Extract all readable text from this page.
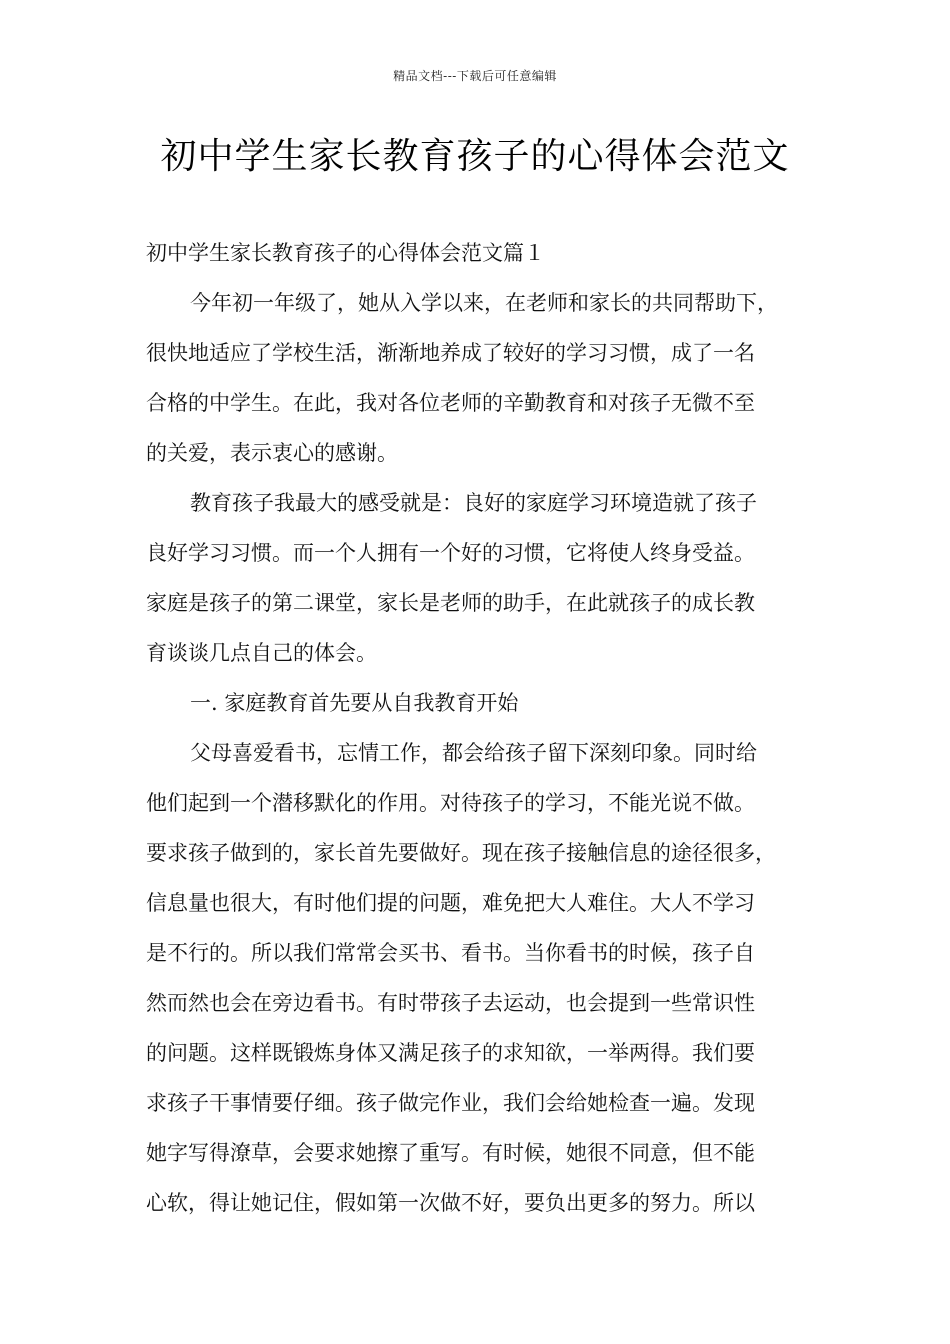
精品文档---下载后可任意编辑
初中学生家长教育孩子的心得体会范文
初中学生家长教育孩子的心得体会范文篇１
今年初一年级了，她从入学以来，在老师和家长的共同帮助下，
很快地适应了学校生活，渐渐地养成了较好的学习习惯，成了一名
合格的中学生。在此，我对各位老师的辛勤教育和对孩子无微不至
的关爱，表示衷心的感谢。
教育孩子我最大的感受就是：良好的家庭学习环境造就了孩子
良好学习习惯。而一个人拥有一个好的习惯，它将使人终身受益。
家庭是孩子的第二课堂，家长是老师的助手，在此就孩子的成长教
育谈谈几点自己的体会。
一. 家庭教育首先要从自我教育开始
父母喜爱看书，忘情工作，都会给孩子留下深刻印象。同时给
他们起到一个潜移默化的作用。对待孩子的学习，不能光说不做。
要求孩子做到的，家长首先要做好。现在孩子接触信息的途径很多，
信息量也很大，有时他们提的问题，难免把大人难住。大人不学习
是不行的。所以我们常常会买书、看书。当你看书的时候，孩子自
然而然也会在旁边看书。有时带孩子去运动，也会提到一些常识性
的问题。这样既锻炼身体又满足孩子的求知欲，一举两得。我们要
求孩子干事情要仔细。孩子做完作业，我们会给她检查一遍。发现
她字写得潦草，会要求她擦了重写。有时候，她很不同意，但不能
心软，得让她记住，假如第一次做不好，要负出更多的努力。所以
